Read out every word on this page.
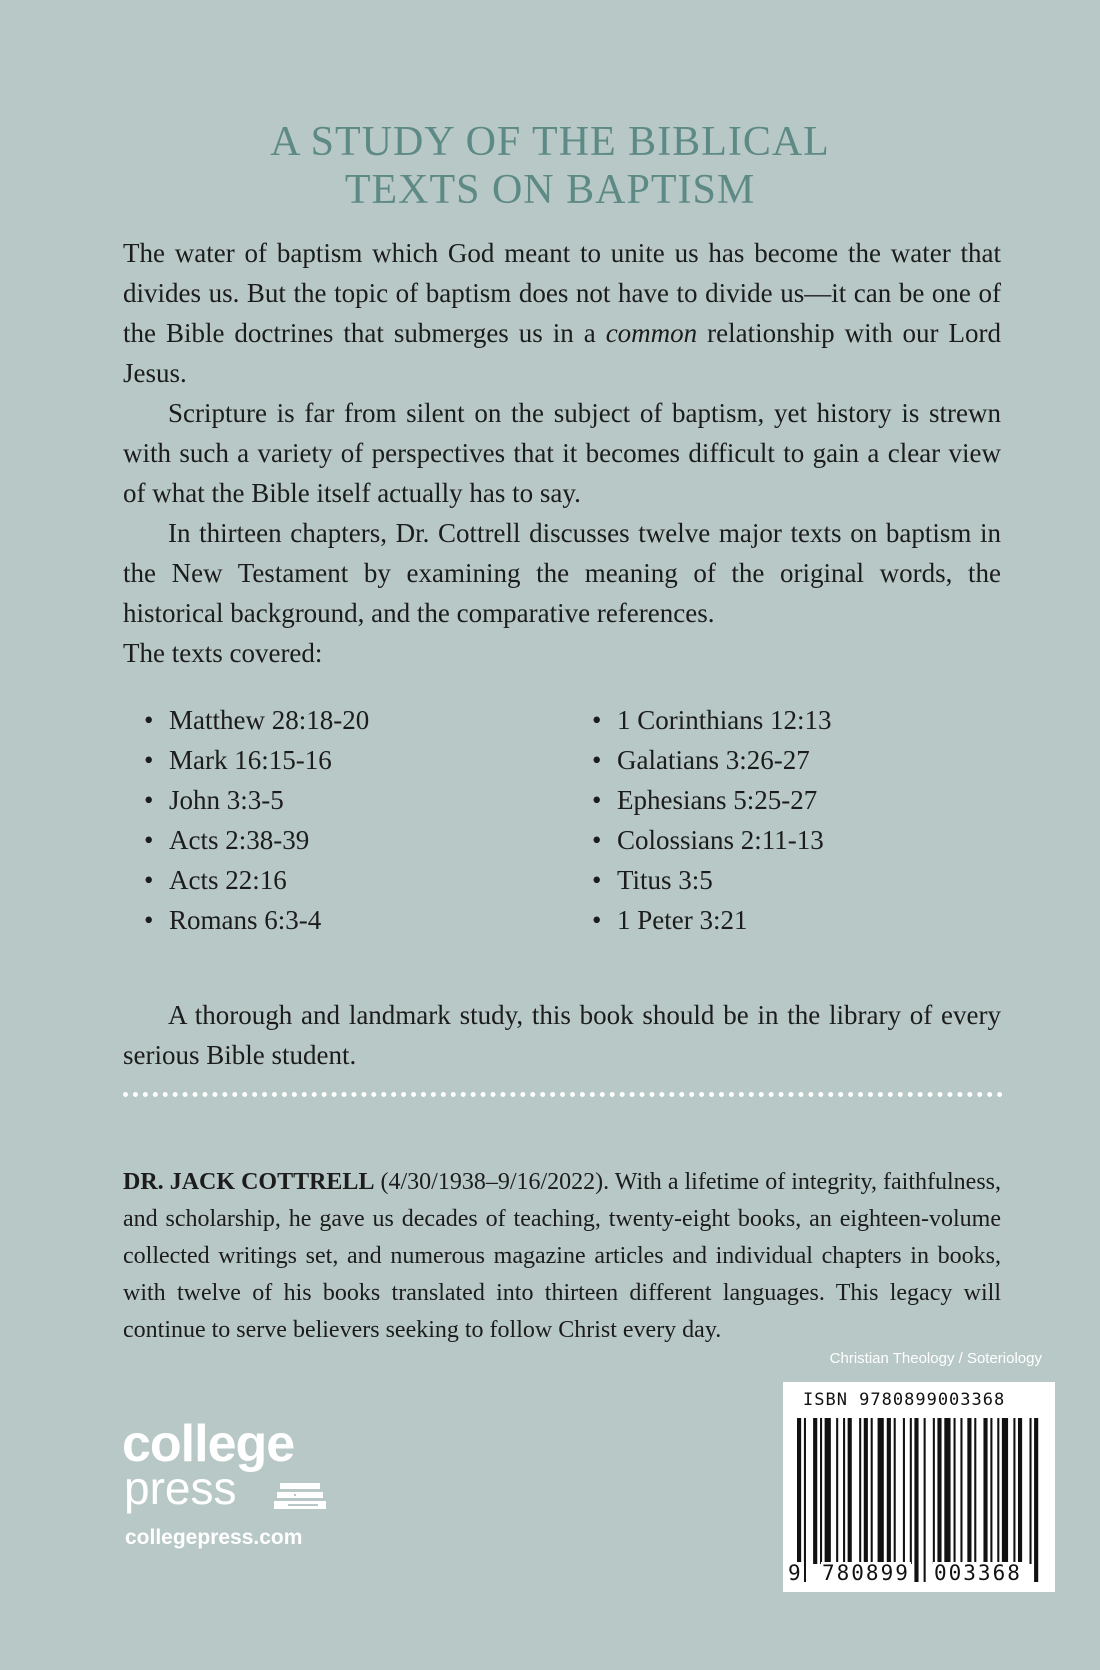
A STUDY OF THE BIBLICAL
TEXTS ON BAPTISM

The water of baptism which God meant to unite us has become the water that divides us. But the topic of baptism does not have to divide us—it can be one of the Bible doctrines that submerges us in a common relationship with our Lord Jesus.

Scripture is far from silent on the subject of baptism, yet history is strewn with such a variety of perspectives that it becomes difficult to gain a clear view of what the Bible itself actually has to say.

In thirteen chapters, Dr. Cottrell discusses twelve major texts on baptism in the New Testament by examining the meaning of the original words, the historical background, and the comparative references.

The texts covered:

• Matthew 28:18-20
• Mark 16:15-16
• John 3:3-5
• Acts 2:38-39
• Acts 22:16
• Romans 6:3-4
• 1 Corinthians 12:13
• Galatians 3:26-27
• Ephesians 5:25-27
• Colossians 2:11-13
• Titus 3:5
• 1 Peter 3:21

A thorough and landmark study, this book should be in the library of every serious Bible student.

DR. JACK COTTRELL (4/30/1938–9/16/2022). With a lifetime of integrity, faithfulness, and scholarship, he gave us decades of teaching, twenty-eight books, an eighteen-volume collected writings set, and numerous magazine articles and individual chapters in books, with twelve of his books translated into thirteen different languages. This legacy will continue to serve believers seeking to follow Christ every day.

Christian Theology / Soteriology
college
press
collegepress.com
ISBN 9780899003368
9 780899 003368
